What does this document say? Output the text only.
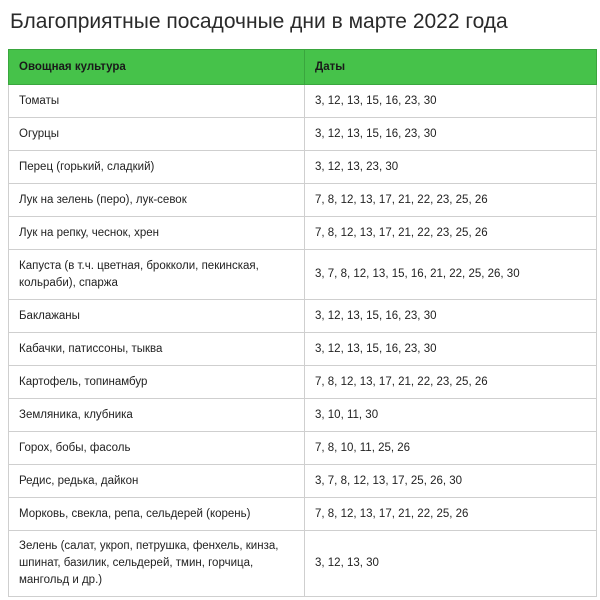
Благоприятные посадочные дни в марте 2022 года
Овощная культура	Даты
Томаты	3, 12, 13, 15, 16, 23, 30
Огурцы	3, 12, 13, 15, 16, 23, 30
Перец (горький, сладкий)	3, 12, 13, 23, 30
Лук на зелень (перо), лук-севок	7, 8, 12, 13, 17, 21, 22, 23, 25, 26
Лук на репку, чеснок, хрен	7, 8, 12, 13, 17, 21, 22, 23, 25, 26
Капуста (в т.ч. цветная, брокколи, пекинская, кольраби), спаржа	3, 7, 8, 12, 13, 15, 16, 21, 22, 25, 26, 30
Баклажаны	3, 12, 13, 15, 16, 23, 30
Кабачки, патиссоны, тыква	3, 12, 13, 15, 16, 23, 30
Картофель, топинамбур	7, 8, 12, 13, 17, 21, 22, 23, 25, 26
Земляника, клубника	3, 10, 11, 30
Горох, бобы, фасоль	7, 8, 10, 11, 25, 26
Редис, редька, дайкон	3, 7, 8, 12, 13, 17, 25, 26, 30
Морковь, свекла, репа, сельдерей (корень)	7, 8, 12, 13, 17, 21, 22, 25, 26
Зелень (салат, укроп, петрушка, фенхель, кинза, шпинат, базилик, сельдерей, тмин, горчица, мангольд и др.)	3, 12, 13, 30
